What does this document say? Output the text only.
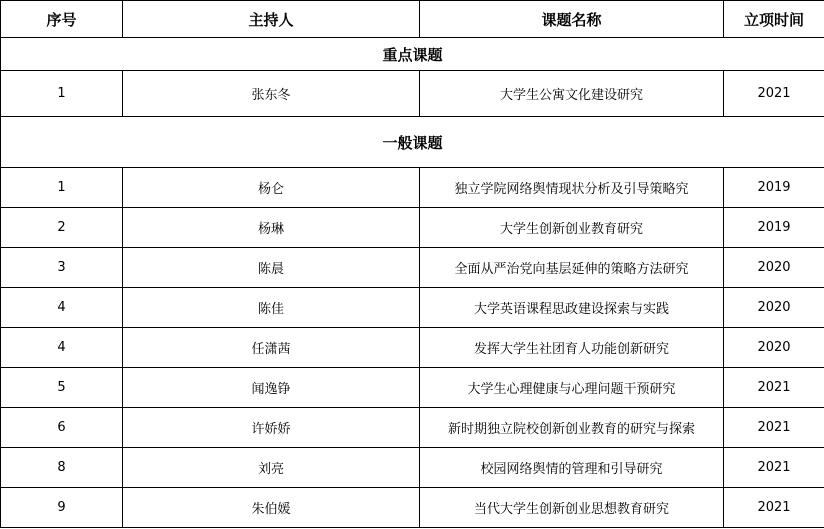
序号	主持人	课题名称	立项时间
重点课题			
1	张东冬	大学生公寓文化建设研究	2021
一般课题			
1	杨仑	独立学院网络舆情现状分析及引导策略究	2019
2	杨琳	大学生创新创业教育研究	2019
3	陈晨	全面从严治党向基层延伸的策略方法研究	2020
4	陈佳	大学英语课程思政建设探索与实践	2020
4	任潇茜	发挥大学生社团育人功能创新研究	2020
5	闻逸铮	大学生心理健康与心理问题干预研究	2021
6	许娇娇	新时期独立院校创新创业教育的研究与探索	2021
8	刘亮	校园网络舆情的管理和引导研究	2021
9	朱伯媛	当代大学生创新创业思想教育研究	2021
